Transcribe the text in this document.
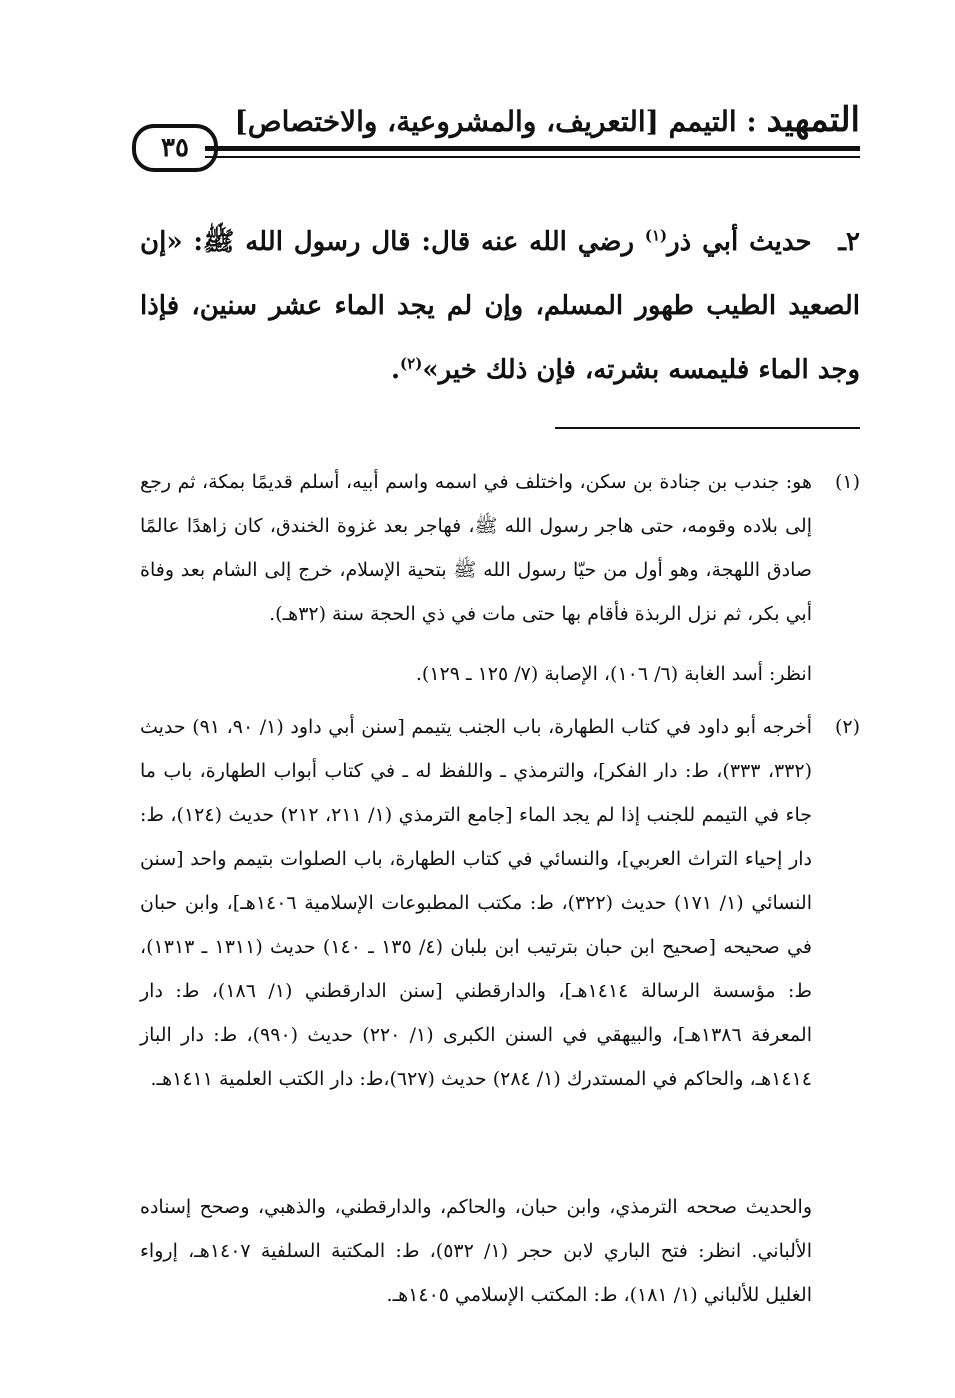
التمهيد : التيمم [التعريف، والمشروعية، والاختصاص]
٣٥
٢ـ حديث أبي ذر$^{(١)}$ رضي الله عنه قال: قال رسول الله ﷺ: «إن الصعيد الطيب طهور المسلم، وإن لم يجد الماء عشر سنين، فإذا وجد الماء فليمسه بشرته، فإن ذلك خير»$^{(٢)}$.
(١)
هو: جندب بن جنادة بن سكن، واختلف في اسمه واسم أبيه، أسلم قديمًا بمكة، ثم رجع إلى بلاده وقومه، حتى هاجر رسول الله ﷺ، فهاجر بعد غزوة الخندق، كان زاهدًا عالمًا صادق اللهجة، وهو أول من حيّا رسول الله ﷺ بتحية الإسلام، خرج إلى الشام بعد وفاة أبي بكر، ثم نزل الربذة فأقام بها حتى مات في ذي الحجة سنة (٣٢هـ).
انظر: أسد الغابة (٦/ ١٠٦)، الإصابة (٧/ ١٢٥ ـ ١٢٩).
(٢)
أخرجه أبو داود في كتاب الطهارة، باب الجنب يتيمم [سنن أبي داود (١/ ٩٠، ٩١) حديث (٣٣٢، ٣٣٣)، ط: دار الفكر]، والترمذي ـ واللفظ له ـ في كتاب أبواب الطهارة، باب ما جاء في التيمم للجنب إذا لم يجد الماء [جامع الترمذي (١/ ٢١١، ٢١٢) حديث (١٢٤)، ط: دار إحياء التراث العربي]، والنسائي في كتاب الطهارة، باب الصلوات بتيمم واحد [سنن النسائي (١/ ١٧١) حديث (٣٢٢)، ط: مكتب المطبوعات الإسلامية ١٤٠٦هـ]، وابن حبان في صحيحه [صحيح ابن حبان بترتيب ابن بلبان (٤/ ١٣٥ ـ ١٤٠) حديث (١٣١١ ـ ١٣١٣)، ط: مؤسسة الرسالة ١٤١٤هـ]، والدارقطني [سنن الدارقطني (١/ ١٨٦)، ط: دار المعرفة ١٣٨٦هـ]، والبيهقي في السنن الكبرى (١/ ٢٢٠) حديث (٩٩٠)، ط: دار الباز ١٤١٤هـ، والحاكم في المستدرك (١/ ٢٨٤) حديث (٦٢٧)،ط: دار الكتب العلمية ١٤١١هـ.
والحديث صححه الترمذي، وابن حبان، والحاكم، والدارقطني، والذهبي، وصحح إسناده الألباني. انظر: فتح الباري لابن حجر (١/ ٥٣٢)، ط: المكتبة السلفية ١٤٠٧هـ، إرواء الغليل للألباني (١/ ١٨١)، ط: المكتب الإسلامي ١٤٠٥هـ.
